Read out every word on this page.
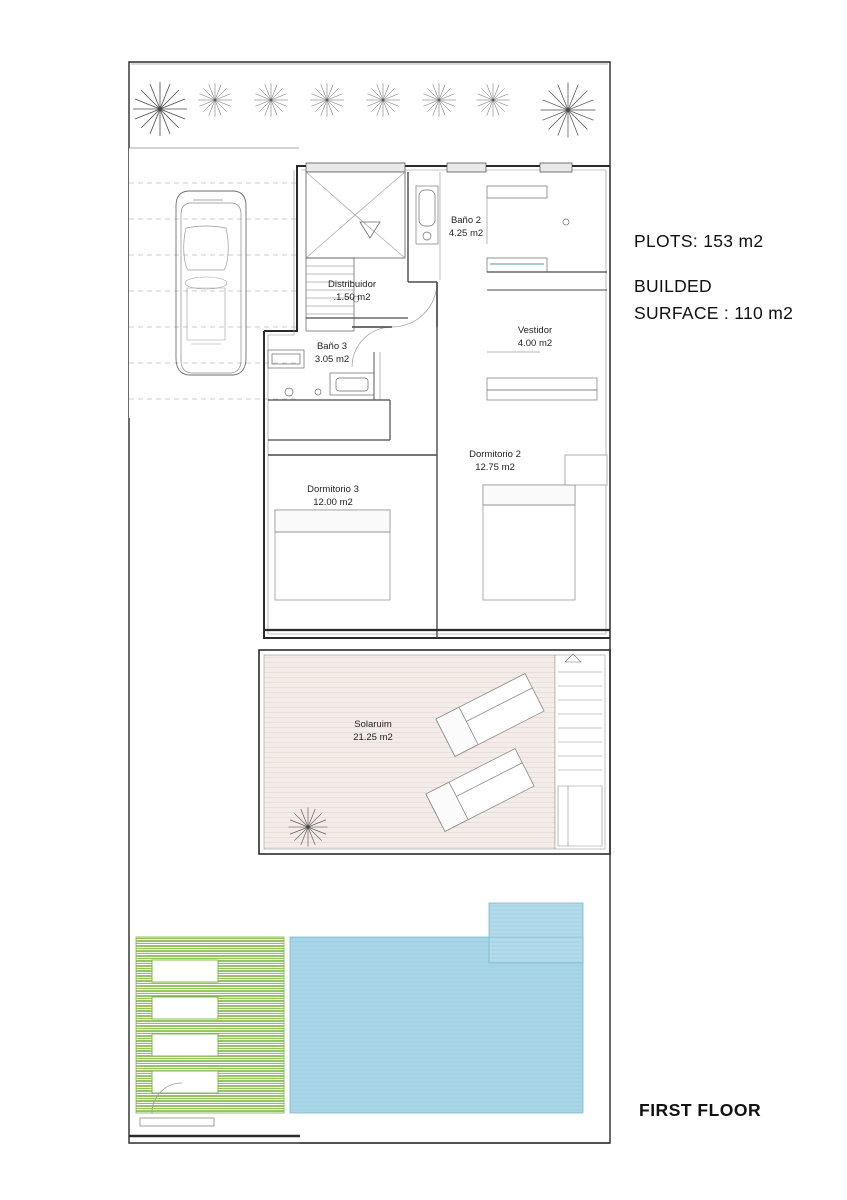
Baño 2
4.25 m2
Distribuidor
.1.50 m2
Vestidor
4.00 m2
Baño 3
3.05 m2
Dormitorio 2
12.75 m2
Dormitorio 3
12.00 m2
Solaruim
21.25 m2
PLOTS: 153 m2
BUILDED
SURFACE : 110 m2
FIRST FLOOR
